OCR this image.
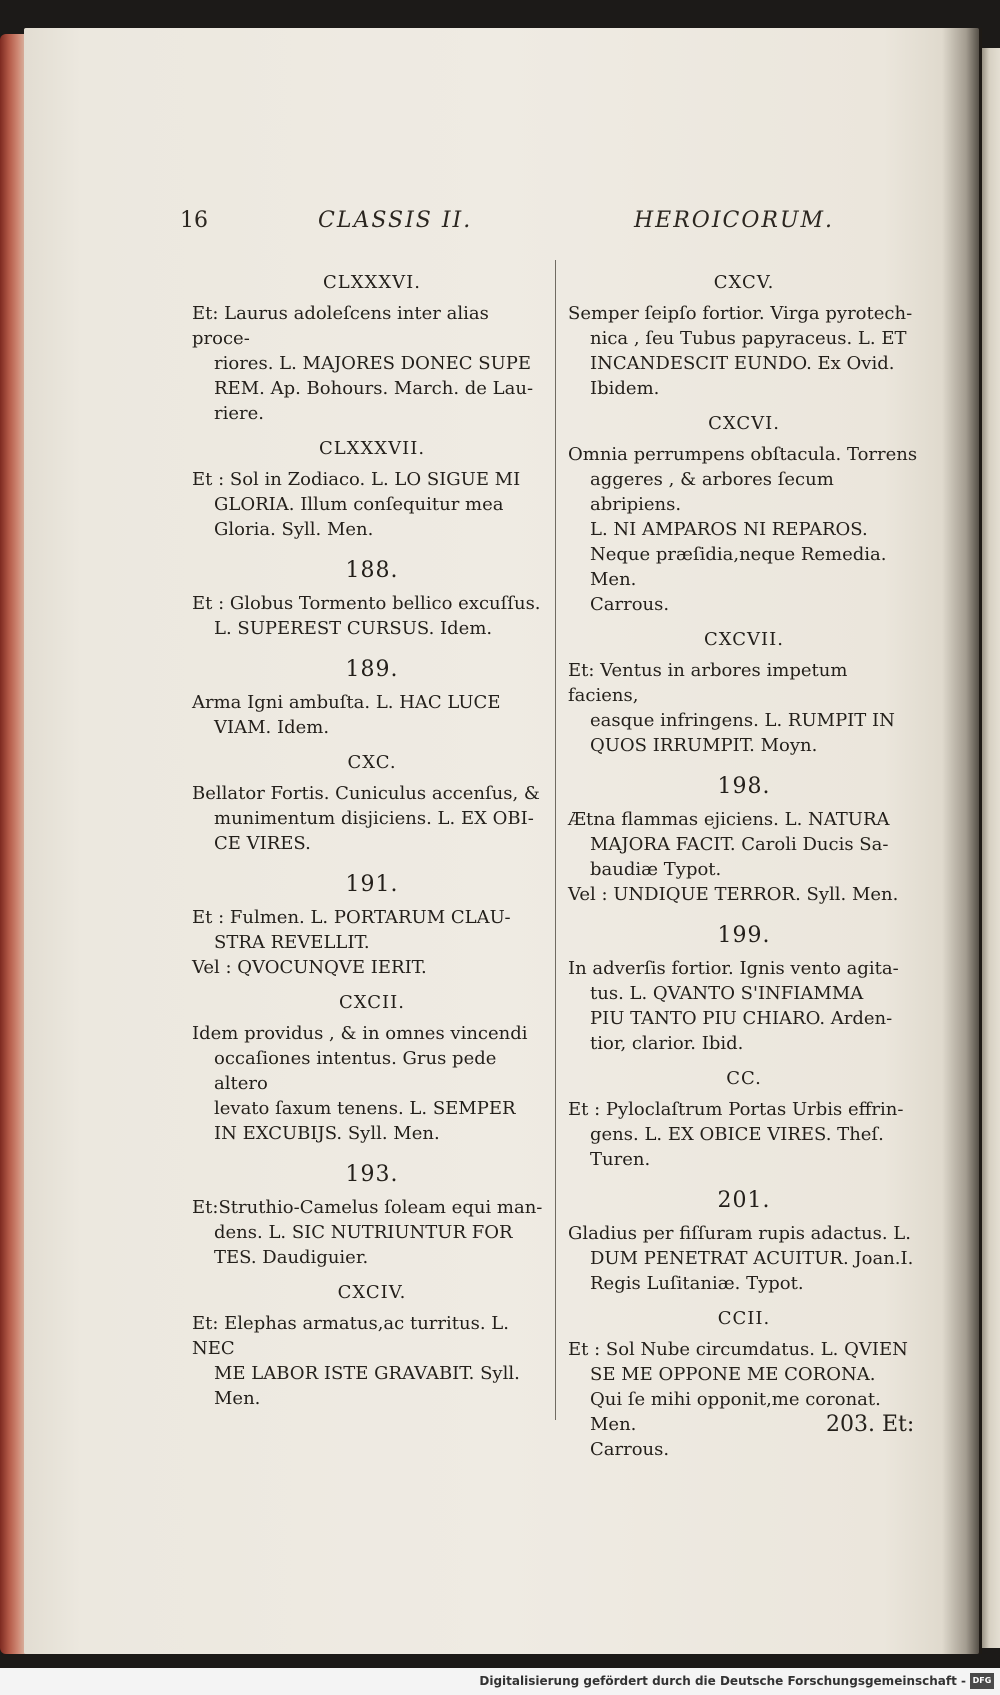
16	CLASSIS II.	HEROICORUM.
CLXXXVI.
Et: Laurus adoleſcens inter alias proce-
riores. L. MAJORES DONEC SUPE
REM. Ap. Bohours. March. de Lau-
riere.
CLXXXVII.
Et : Sol in Zodiaco. L. LO SIGUE MI
GLORIA. Illum conſequitur mea
Gloria. Syll. Men.
188.
Et : Globus Tormento bellico excuſſus.
L. SUPEREST CURSUS. Idem.
189.
Arma Igni ambuſta. L. HAC LUCE
VIAM. Idem.
CXC.
Bellator Fortis. Cuniculus accenſus, &
munimentum disjiciens. L. EX OBI-
CE VIRES.
191.
Et : Fulmen. L. PORTARUM CLAU-
STRA REVELLIT.
Vel : QVOCUNQVE IERIT.
CXCII.
Idem providus , & in omnes vincendi
occaſiones intentus. Grus pede altero
levato ſaxum tenens. L. SEMPER
IN EXCUBIJS. Syll. Men.
193.
Et:Struthio-Camelus ſoleam equi man-
dens. L. SIC NUTRIUNTUR FOR
TES. Daudiguier.
CXCIV.
Et: Elephas armatus,ac turritus. L. NEC
ME LABOR ISTE GRAVABIT. Syll.
Men.
CXCV.
Semper ſeipſo fortior. Virga pyrotech-
nica , ſeu Tubus papyraceus. L. ET
INCANDESCIT EUNDO. Ex Ovid.
Ibidem.
CXCVI.
Omnia perrumpens obſtacula. Torrens
aggeres , & arbores ſecum abripiens.
L. NI AMPAROS NI REPAROS.
Neque præſidia,neque Remedia. Men.
Carrous.
CXCVII.
Et: Ventus in arbores impetum faciens,
easque infringens. L. RUMPIT IN
QUOS IRRUMPIT. Moyn.
198.
Ætna flammas ejiciens. L. NATURA
MAJORA FACIT. Caroli Ducis Sa-
baudiæ Typot.
Vel : UNDIQUE TERROR. Syll. Men.
199.
In adverſis fortior. Ignis vento agita-
tus. L. QVANTO S'INFIAMMA
PIU TANTO PIU CHIARO. Arden-
tior, clarior. Ibid.
CC.
Et : Pyloclaſtrum Portas Urbis effrin-
gens. L. EX OBICE VIRES. Theſ.
Turen.
201.
Gladius per fiſſuram rupis adactus. L.
DUM PENETRAT ACUITUR. Joan.I.
Regis Luſitaniæ. Typot.
CCII.
Et : Sol Nube circumdatus. L. QVIEN
SE ME OPPONE ME CORONA.
Qui ſe mihi opponit,me coronat. Men.
Carrous.
203. Et:
Digitalisierung gefördert durch die Deutsche Forschungsgemeinschaft - DFG
